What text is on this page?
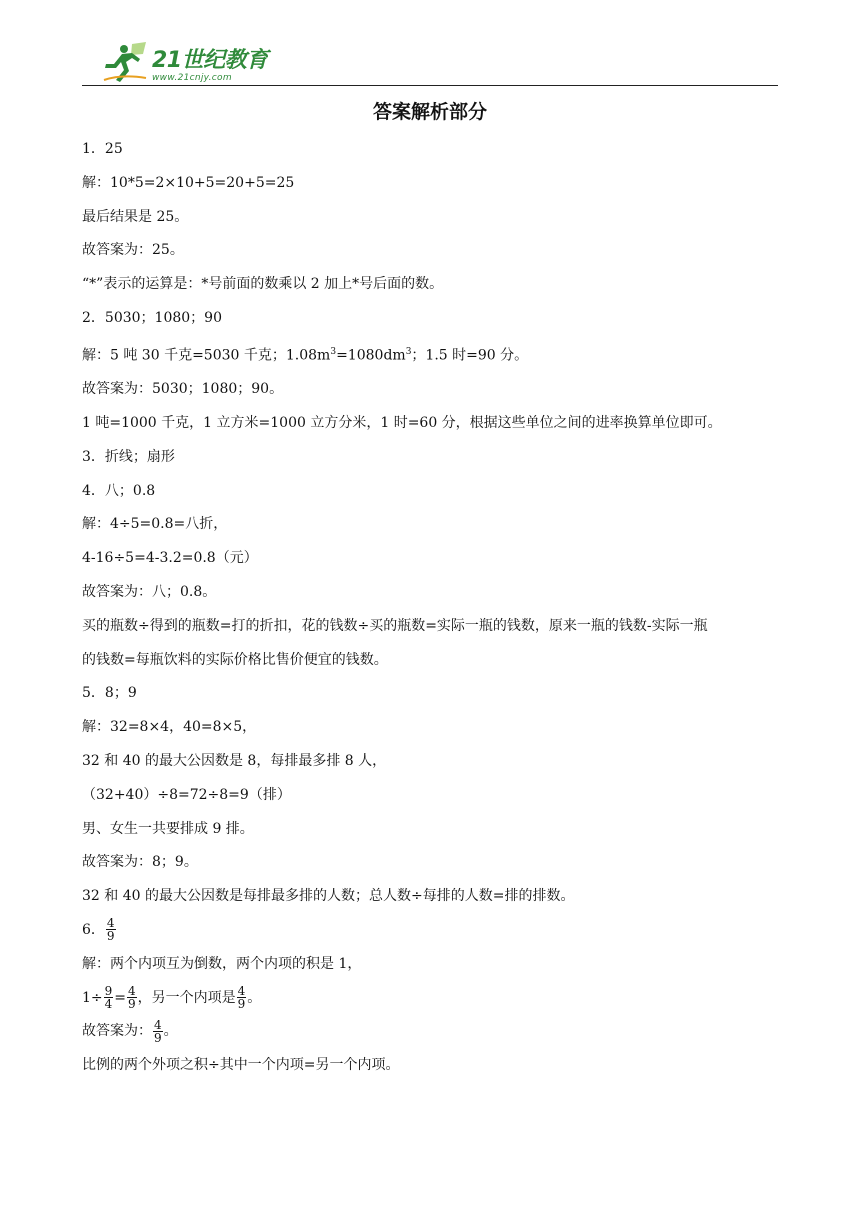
21世纪教育
www.21cnjy.com
答案解析部分
1．25
解：10*5=2×10+5=20+5=25
最后结果是 25。
故答案为：25。
“*”表示的运算是：*号前面的数乘以 2 加上*号后面的数。
2．5030；1080；90
解：5 吨 30 千克=5030 千克；$1.08m^3=1080dm^3$；1.5 时=90 分。
故答案为：5030；1080；90。
1 吨=1000 千克，1 立方米=1000 立方分米，1 时=60 分，根据这些单位之间的进率换算单位即可。
3．折线；扇形
4．八；0.8
解：4÷5=0.8=八折，
4-16÷5=4-3.2=0.8（元）
故答案为：八；0.8。
买的瓶数÷得到的瓶数=打的折扣，花的钱数÷买的瓶数=实际一瓶的钱数，原来一瓶的钱数-实际一瓶
的钱数=每瓶饮料的实际价格比售价便宜的钱数。
5．8；9
解：32=8×4，40=8×5，
32 和 40 的最大公因数是 8，每排最多排 8 人，
（32+40）÷8=72÷8=9（排）
男、女生一共要排成 9 排。
故答案为：8；9。
32 和 40 的最大公因数是每排最多排的人数；总人数÷每排的人数=排的排数。
6． $\frac{4}{9}$
解：两个内项互为倒数，两个内项的积是 1，
$1\div \frac{9}{4} = \frac{4}{9}$ ，另一个内项是 $\frac{4}{9}$ 。
故答案为： $\frac{4}{9}$ 。
比例的两个外项之积÷其中一个内项=另一个内项。
